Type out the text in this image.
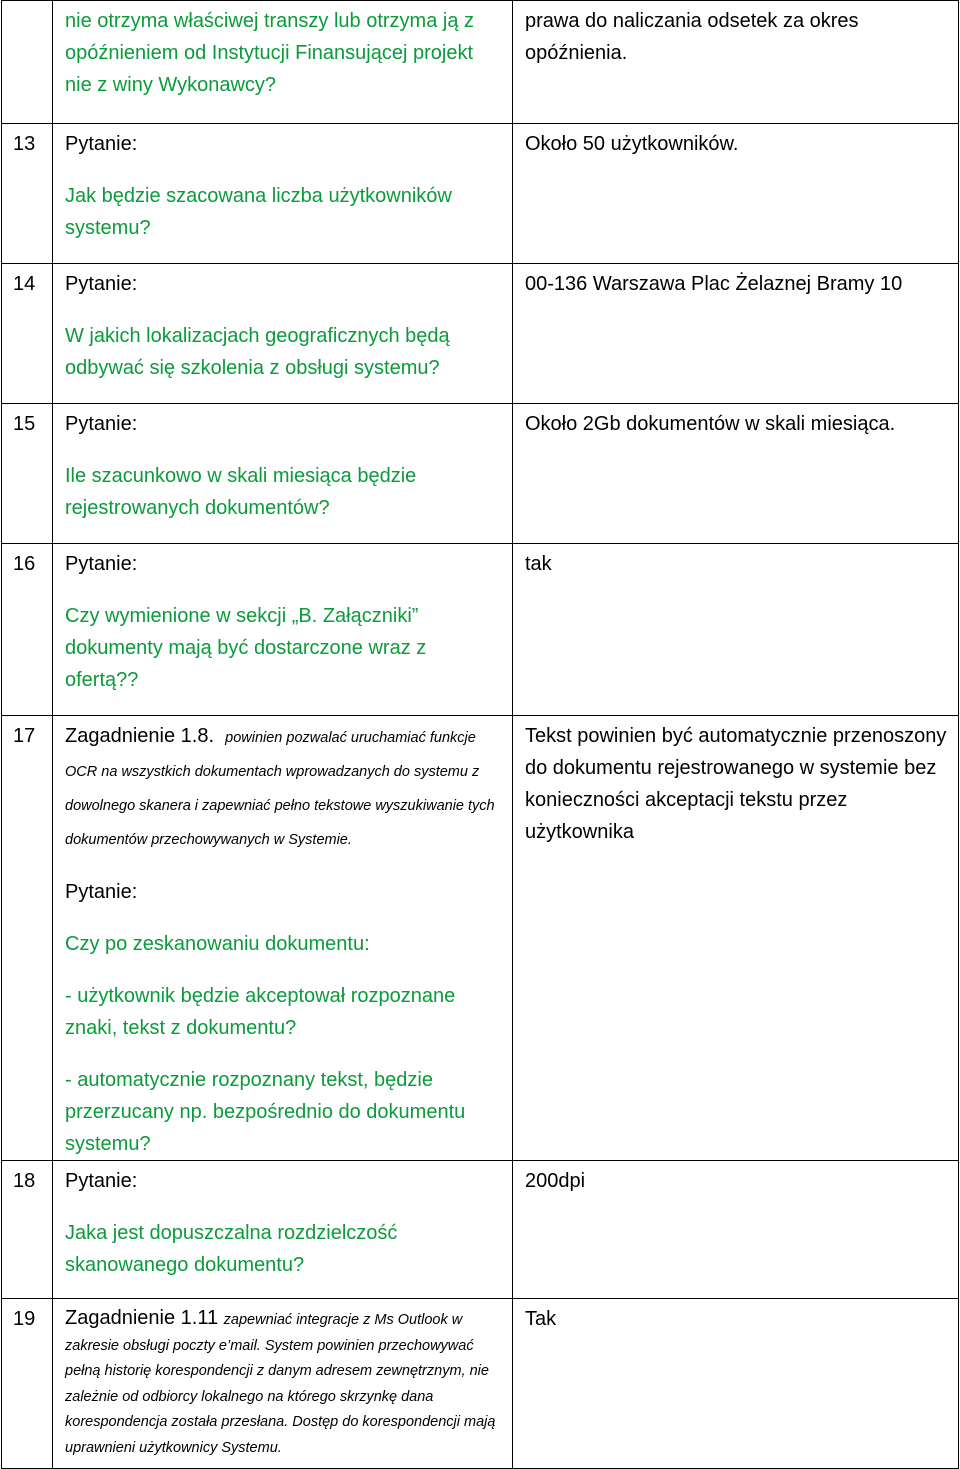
	nie otrzyma właściwej transzy lub otrzyma ją z opóźnieniem od Instytucji Finansującej projekt nie z winy Wykonawcy?	prawa do naliczania odsetek za okres opóźnienia.
13	Pytanie:

Jak będzie szacowana liczba użytkowników systemu?	Około 50 użytkowników.
14	Pytanie:

W jakich lokalizacjach geograficznych będą odbywać się szkolenia z obsługi systemu?	00-136 Warszawa Plac Żelaznej Bramy 10
15	Pytanie:

Ile szacunkowo w skali miesiąca będzie rejestrowanych dokumentów?	Około 2Gb dokumentów w skali miesiąca.
16	Pytanie:

Czy wymienione w sekcji „B. Załączniki” dokumenty mają być dostarczone wraz z ofertą??	tak
17	Zagadnienie 1.8. powinien pozwalać uruchamiać funkcje OCR na wszystkich dokumentach wprowadzanych do systemu z dowolnego skanera i zapewniać pełno tekstowe wyszukiwanie tych dokumentów przechowywanych w Systemie.

Pytanie:

Czy po zeskanowaniu dokumentu:

- użytkownik będzie akceptował rozpoznane znaki, tekst z dokumentu?

- automatycznie rozpoznany tekst, będzie przerzucany np. bezpośrednio do dokumentu systemu?	Tekst powinien być automatycznie przenoszony do dokumentu rejestrowanego w systemie bez konieczności akceptacji tekstu przez użytkownika
18	Pytanie:

Jaka jest dopuszczalna rozdzielczość skanowanego dokumentu?	200dpi
19	Zagadnienie 1.11 zapewniać integracje z Ms Outlook w zakresie obsługi poczty e’mail. System powinien przechowywać pełną historię korespondencji z danym adresem zewnętrznym, nie zależnie od odbiorcy lokalnego na którego skrzynkę dana korespondencja została przesłana. Dostęp do korespondencji mają uprawnieni użytkownicy Systemu.	Tak
